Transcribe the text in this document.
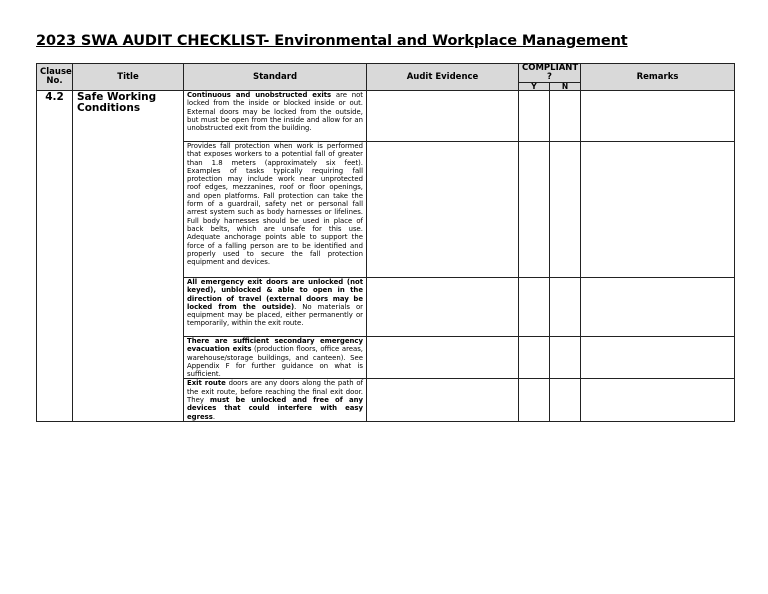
2023 SWA AUDIT CHECKLIST- Environmental and Workplace Management
Clause No.	Title	Standard	Audit Evidence	COMPLIANT ?		Remarks
				Y	N	
4.2	Safe Working Conditions	Continuous and unobstructed exits are not locked from the inside or blocked inside or out. External doors may be locked from the outside, but must be open from the inside and allow for an unobstructed exit from the building.				

		Provides fall protection when work is performed that exposes workers to a potential fall of greater than 1.8 meters (approximately six feet). Examples of tasks typically requiring fall protection may include work near unprotected roof edges, mezzanines, roof or floor openings, and open platforms. Fall protection can take the form of a guardrail, safety net or personal fall arrest system such as body harnesses or lifelines. Full body harnesses should be used in place of back belts, which are unsafe for this use. Adequate anchorage points able to support the force of a falling person are to be identified and properly used to secure the fall protection equipment and devices.				

		All emergency exit doors are unlocked (not keyed), unblocked & able to open in the direction of travel (external doors may be locked from the outside). No materials or equipment may be placed, either permanently or temporarily, within the exit route.				

		There are sufficient secondary emergency evacuation exits (production floors, office areas, warehouse/storage buildings, and canteen). See Appendix F for further guidance on what is sufficient.				

		Exit route doors are any doors along the path of the exit route, before reaching the final exit door. They must be unlocked and free of any devices that could interfere with easy egress.				
